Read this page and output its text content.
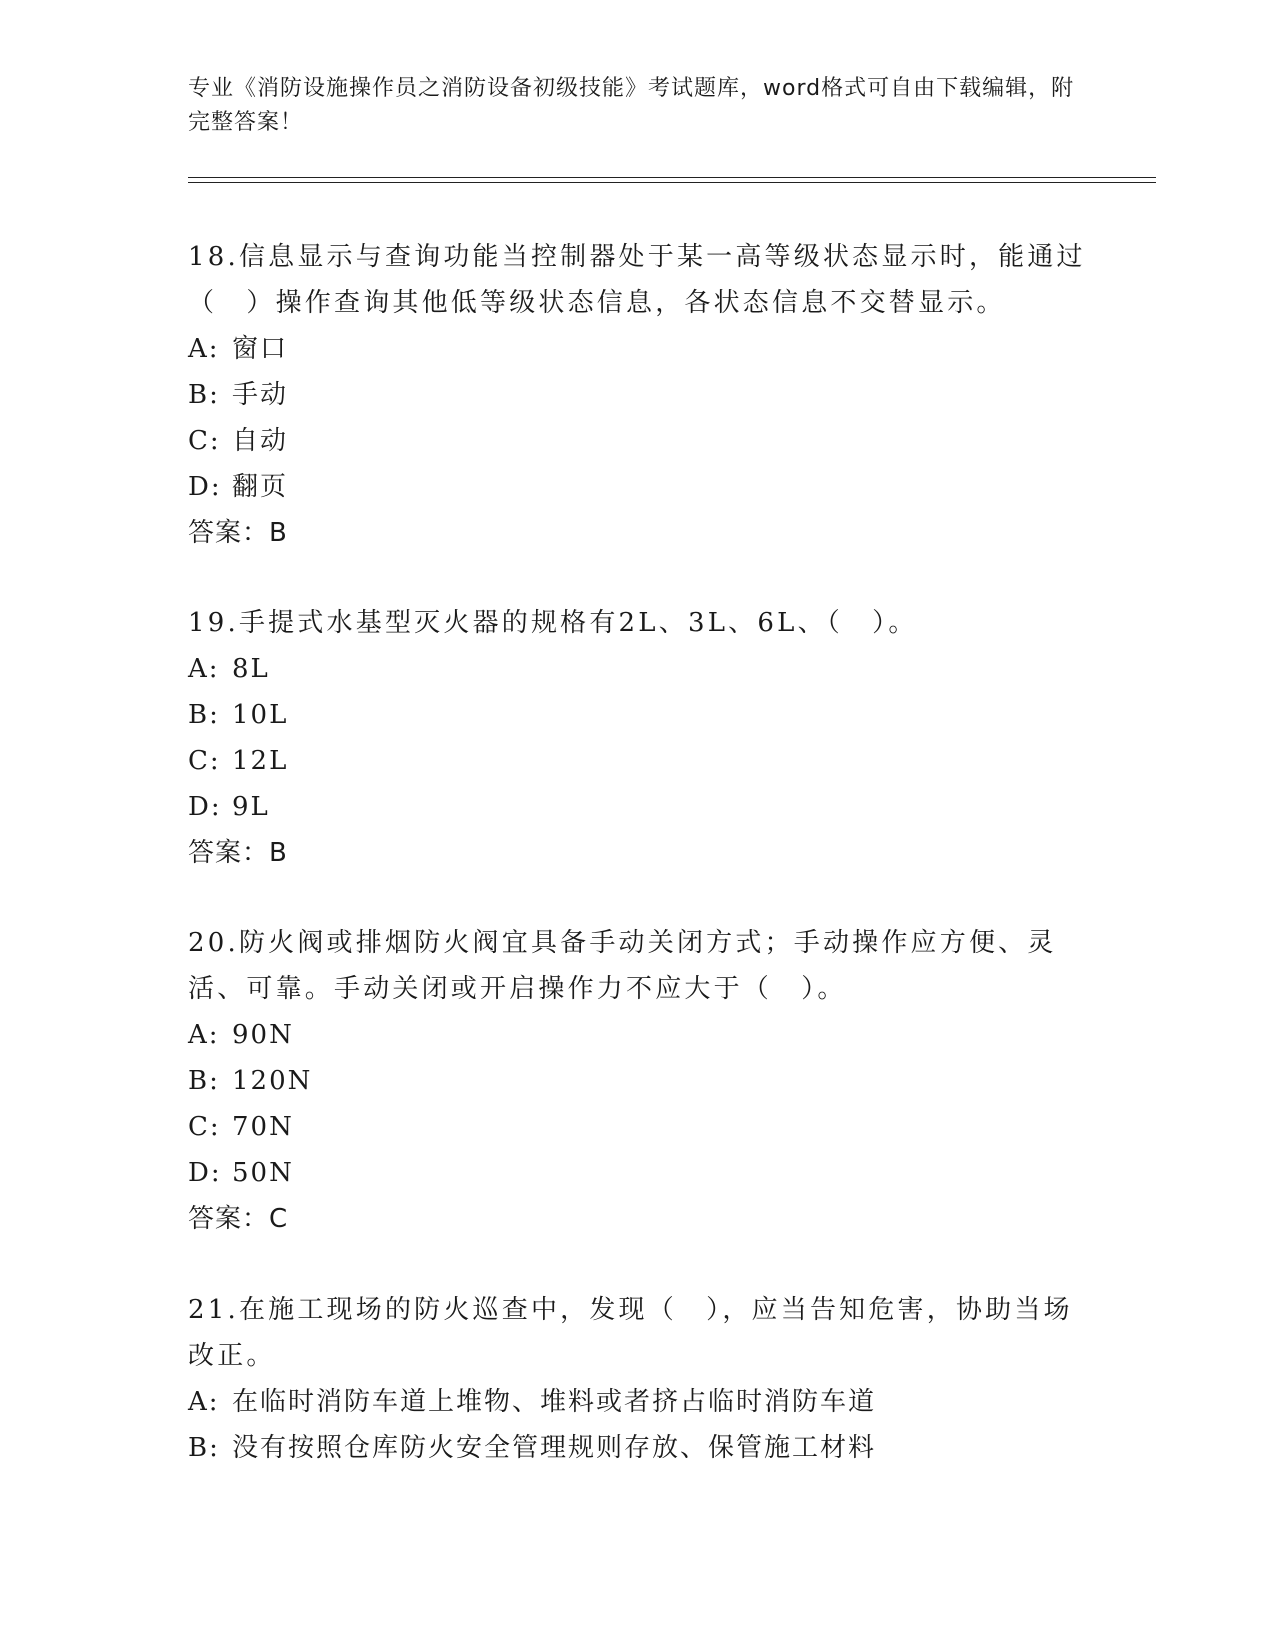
专业《消防设施操作员之消防设备初级技能》考试题库，word格式可自由下载编辑，附完整答案！

18.信息显示与查询功能当控制器处于某一高等级状态显示时，能通过（　）操作查询其他低等级状态信息，各状态信息不交替显示。

A: 窗口

B: 手动

C: 自动

D: 翻页

答案：B

19.手提式水基型灭火器的规格有2L、3L、6L、（　）。

A: 8L

B: 10L

C: 12L

D: 9L

答案：B

20.防火阀或排烟防火阀宜具备手动关闭方式；手动操作应方便、灵活、可靠。手动关闭或开启操作力不应大于（　）。

A: 90N

B: 120N

C: 70N

D: 50N

答案：C

21.在施工现场的防火巡查中，发现（　），应当告知危害，协助当场改正。

A: 在临时消防车道上堆物、堆料或者挤占临时消防车道

B: 没有按照仓库防火安全管理规则存放、保管施工材料
